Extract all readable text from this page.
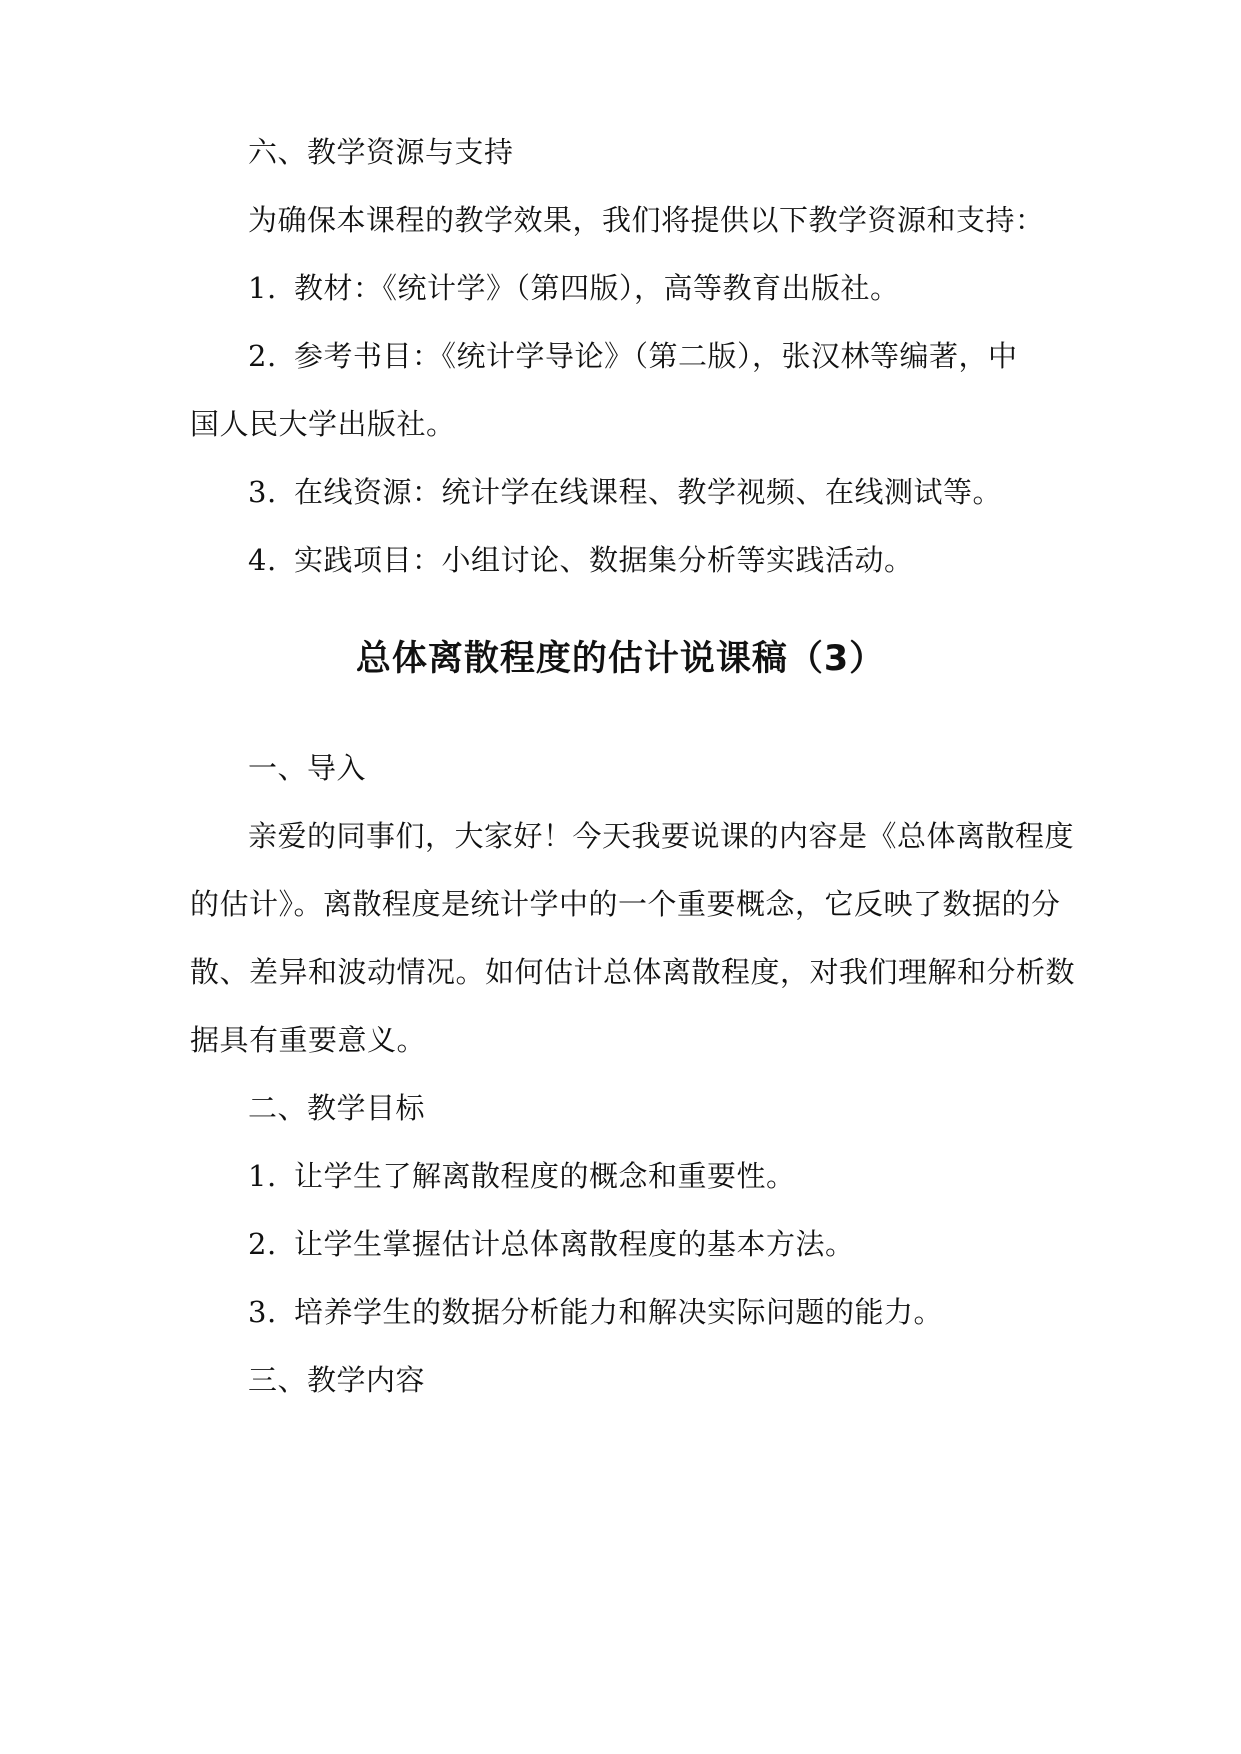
六、教学资源与支持
为确保本课程的教学效果，我们将提供以下教学资源和支持：
1. 教材：《统计学》（第四版），高等教育出版社。
2. 参考书目：《统计学导论》（第二版），张汉林等编著，中
国人民大学出版社。
3. 在线资源：统计学在线课程、教学视频、在线测试等。
4. 实践项目：小组讨论、数据集分析等实践活动。
总体离散程度的估计说课稿（3）
一、导入
亲爱的同事们，大家好！今天我要说课的内容是《总体离散程度
的估计》。离散程度是统计学中的一个重要概念，它反映了数据的分
散、差异和波动情况。如何估计总体离散程度，对我们理解和分析数
据具有重要意义。
二、教学目标
1. 让学生了解离散程度的概念和重要性。
2. 让学生掌握估计总体离散程度的基本方法。
3. 培养学生的数据分析能力和解决实际问题的能力。
三、教学内容
